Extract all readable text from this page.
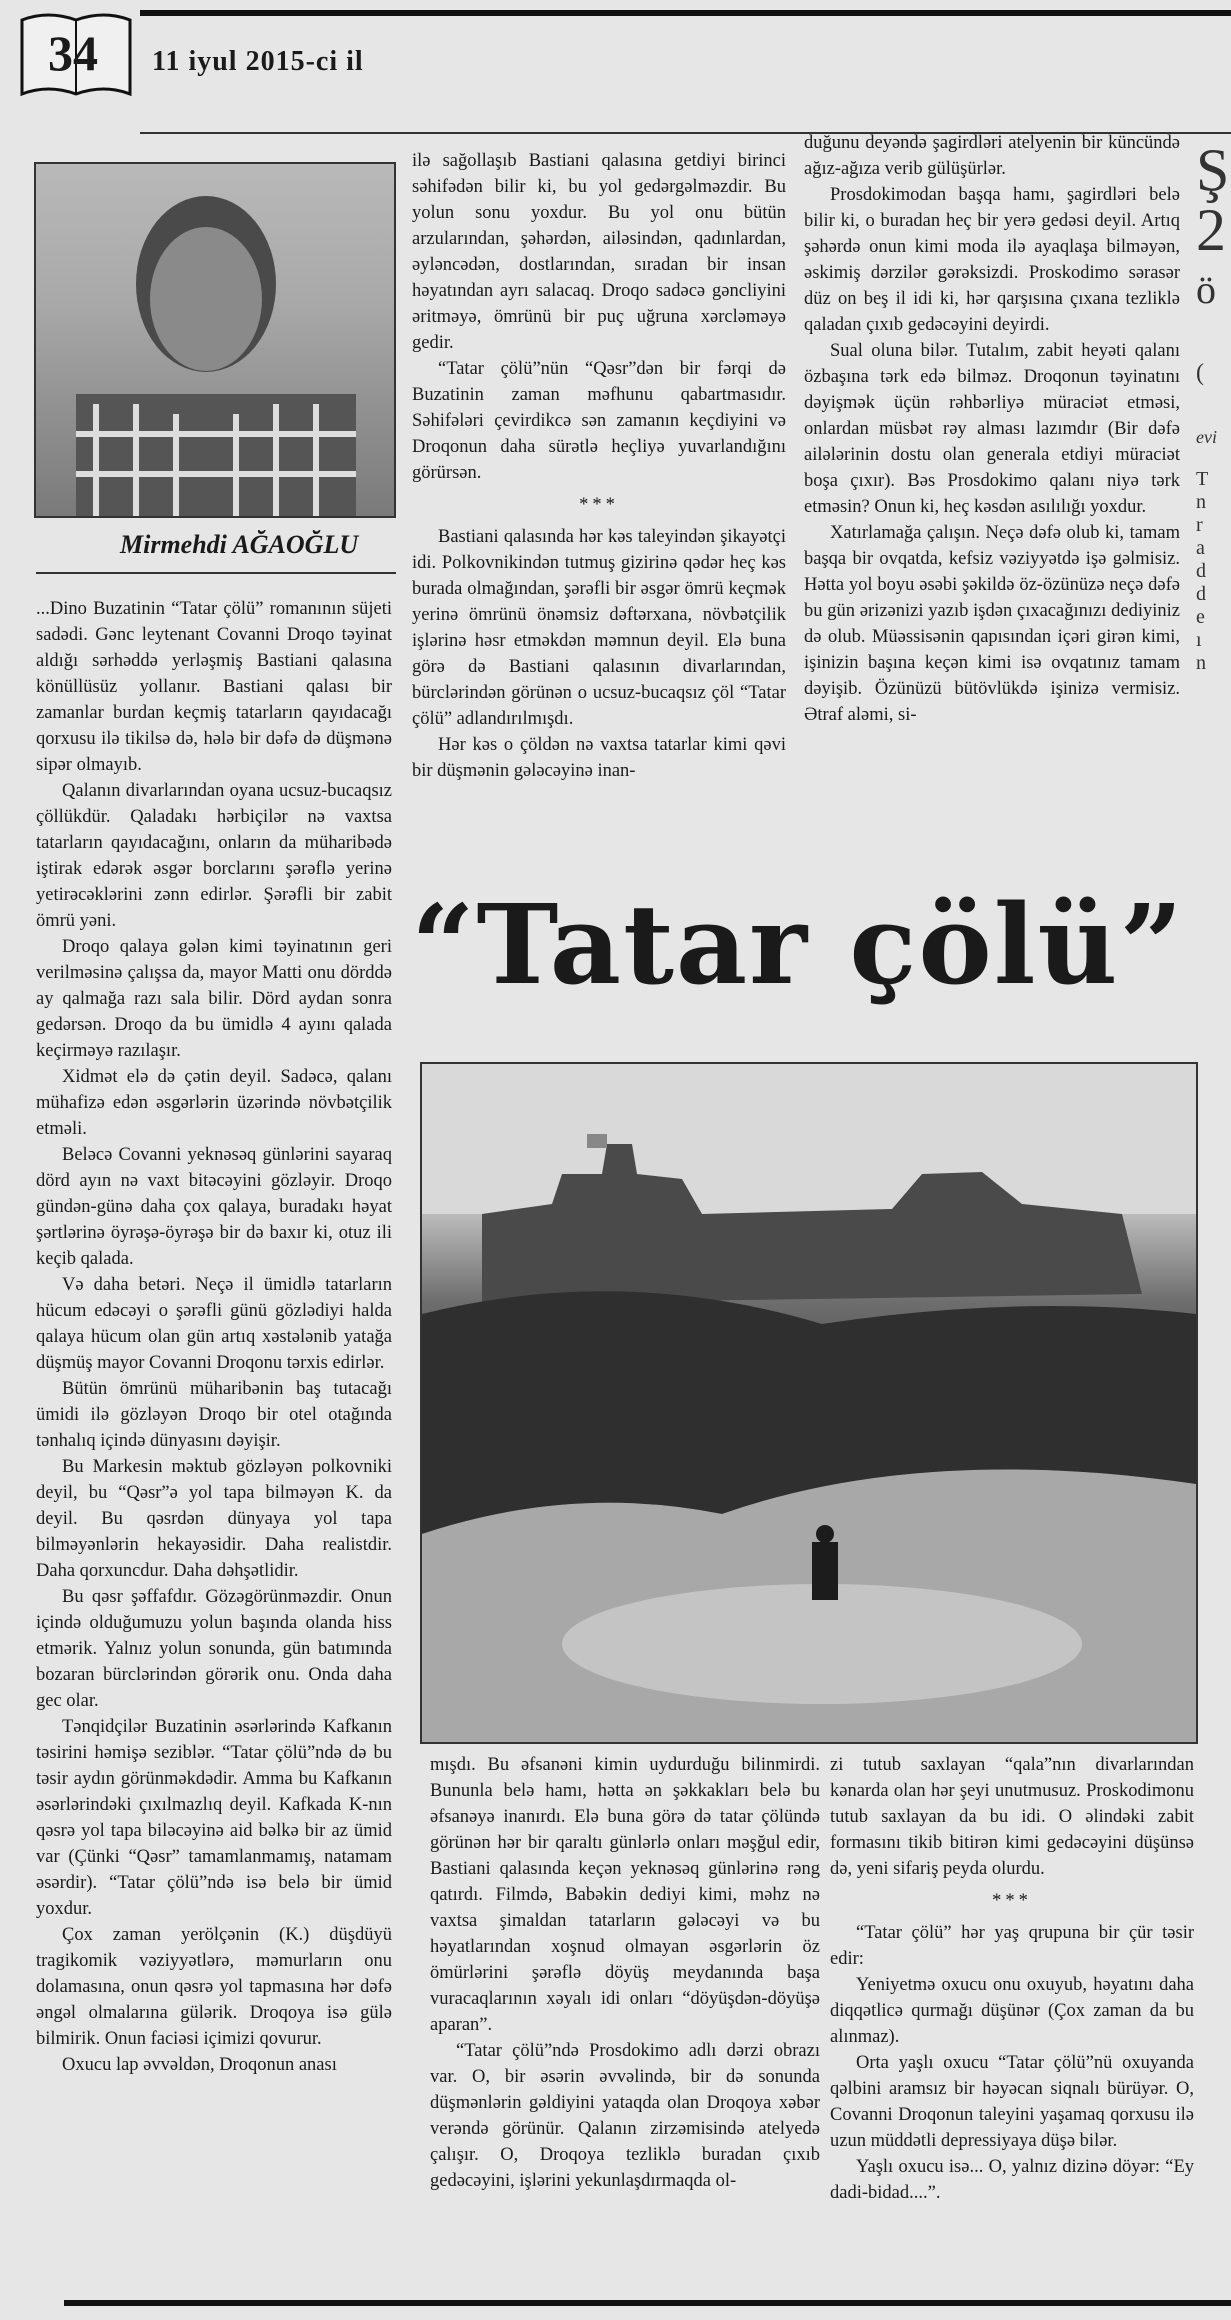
34 11 iyul 2015-ci il
Mirmehdi AĞAOĞLU

...Dino Buzatinin “Tatar çölü” romanının süjeti sadədi. Gənc leytenant Covanni Droqo təyinat aldığı sərhəddə yerləşmiş Bastiani qalasına könüllüsüz yollanır. Bastiani qalası bir zamanlar burdan keçmiş tatarların qayıdacağı qorxusu ilə tikilsə də, hələ bir dəfə də düşmənə sipər olmayıb.

Qalanın divarlarından oyana ucsuz-bucaqsız çöllükdür. Qaladakı hərbiçilər nə vaxtsa tatarların qayıdacağını, onların da müharibədə iştirak edərək əsgər borclarını şərəflə yerinə yetirəcəklərini zənn edirlər. Şərəfli bir zabit ömrü yəni.

Droqo qalaya gələn kimi təyinatının geri verilməsinə çalışsa da, mayor Matti onu dörddə ay qalmağa razı sala bilir. Dörd aydan sonra gedərsən. Droqo da bu ümidlə 4 ayını qalada keçirməyə razılaşır.

Xidmət elə də çətin deyil. Sadəcə, qalanı mühafizə edən əsgərlərin üzərində növbətçilik etməli.

Beləcə Covanni yeknəsəq günlərini sayaraq dörd ayın nə vaxt bitəcəyini gözləyir. Droqo gündən-günə daha çox qalaya, buradakı həyat şərtlərinə öyrəşə-öyrəşə bir də baxır ki, otuz ili keçib qalada.

Və daha betəri. Neçə il ümidlə tatarların hücum edəcəyi o şərəfli günü gözlədiyi halda qalaya hücum olan gün artıq xəstələnib yatağa düşmüş mayor Covanni Droqonu tərxis edirlər.

Bütün ömrünü müharibənin baş tutacağı ümidi ilə gözləyən Droqo bir otel otağında tənhalıq içində dünyasını dəyişir.

Bu Markesin məktub gözləyən polkovniki deyil, bu “Qəsr”ə yol tapa bilməyən K. da deyil. Bu qəsrdən dünyaya yol tapa bilməyənlərin hekayəsidir. Daha realistdir. Daha qorxuncdur. Daha dəhşətlidir.

Bu qəsr şəffafdır. Gözəgörünməzdir. Onun içində olduğumuzu yolun başında olanda hiss etmərik. Yalnız yolun sonunda, gün batımında bozaran bürclərindən görərik onu. Onda daha gec olar.

Tənqidçilər Buzatinin əsərlərində Kafkanın təsirini həmişə seziblər. “Tatar çölü”ndə də bu təsir aydın görünməkdədir. Amma bu Kafkanın əsərlərindəki çıxılmazlıq deyil. Kafkada K-nın qəsrə yol tapa biləcəyinə aid bəlkə bir az ümid var (Çünki “Qəsr” tamamlanmamış, natamam əsərdir). “Tatar çölü”ndə isə belə bir ümid yoxdur.

Çox zaman yerölçənin (K.) düşdüyü tragikomik vəziyyətlərə, məmurların onu dolamasına, onun qəsrə yol tapmasına hər dəfə əngəl olmalarına gülərik. Droqoya isə gülə bilmirik. Onun faciəsi içimizi qovurur.

Oxucu lap əvvəldən, Droqonun anası

ilə sağollaşıb Bastiani qalasına getdiyi birinci səhifədən bilir ki, bu yol gedərgəlməzdir. Bu yolun sonu yoxdur. Bu yol onu bütün arzularından, şəhərdən, ailəsindən, qadınlardan, əyləncədən, dostlarından, sıradan bir insan həyatından ayrı salacaq. Droqo sadəcə gəncliyini əritməyə, ömrünü bir puç uğruna xərcləməyə gedir.

“Tatar çölü”nün “Qəsr”dən bir fərqi də Buzatinin zaman məfhunu qabartmasıdır. Səhifələri çevirdikcə sən zamanın keçdiyini və Droqonun daha sürətlə heçliyə yuvarlandığını görürsən.

***

Bastiani qalasında hər kəs taleyindən şikayətçi idi. Polkovnikindən tutmuş gizirinə qədər heç kəs burada olmağından, şərəfli bir əsgər ömrü keçmək yerinə ömrünü önəmsiz dəftərxana, növbətçilik işlərinə həsr etməkdən məmnun deyil. Elə buna görə də Bastiani qalasının divarlarından, bürclərindən görünən o ucsuz-bucaqsız çöl “Tatar çölü” adlandırılmışdı.

Hər kəs o çöldən nə vaxtsa tatarlar kimi qəvi bir düşmənin gələcəyinə inan-

duğunu deyəndə şagirdləri atelyenin bir küncündə ağız-ağıza verib gülüşürlər.

Prosdokimodan başqa hamı, şagirdləri belə bilir ki, o buradan heç bir yerə gedəsi deyil. Artıq şəhərdə onun kimi moda ilə ayaqlaşa bilməyən, əskimiş dərzilər gərəksizdi. Proskodimo sərasər düz on beş il idi ki, hər qarşısına çıxana tezliklə qaladan çıxıb gedəcəyini deyirdi.

Sual oluna bilər. Tutalım, zabit heyəti qalanı özbaşına tərk edə bilməz. Droqonun təyinatını dəyişmək üçün rəhbərliyə müraciət etməsi, onlardan müsbət rəy alması lazımdır (Bir dəfə ailələrinin dostu olan generala etdiyi müraciət boşa çıxır). Bəs Prosdokimo qalanı niyə tərk etməsin? Onun ki, heç kəsdən asılılığı yoxdur.

Xatırlamağa çalışın. Neçə dəfə olub ki, tamam başqa bir ovqatda, kefsiz vəziyyətdə işə gəlmisiz. Hətta yol boyu əsəbi şəkildə öz-özünüzə neçə dəfə bu gün ərizənizi yazıb işdən çıxacağınızı dediyiniz də olub. Müəssisənin qapısından içəri girən kimi, işinizin başına keçən kimi isə ovqatınız tamam dəyişib. Özünüzü bütövlükdə işinizə vermisiz. Ətraf aləmi, si-

“Tatar çölü”

mışdı. Bu əfsanəni kimin uydurduğu bilinmirdi. Bununla belə hamı, hətta ən şəkkakları belə bu əfsanəyə inanırdı. Elə buna görə də tatar çölündə görünən hər bir qaraltı günlərlə onları məşğul edir, Bastiani qalasında keçən yeknəsəq günlərinə rəng qatırdı. Filmdə, Babəkin dediyi kimi, məhz nə vaxtsa şimaldan tatarların gələcəyi və bu həyatlarından xoşnud olmayan əsgərlərin öz ömürlərini şərəflə döyüş meydanında başa vuracaqlarının xəyalı idi onları “döyüşdən-döyüşə aparan”.

“Tatar çölü”ndə Prosdokimo adlı dərzi obrazı var. O, bir əsərin əvvəlində, bir də sonunda düşmənlərin gəldiyini yataqda olan Droqoya xəbər verəndə görünür. Qalanın zirzəmisində atelyedə çalışır. O, Droqoya tezliklə buradan çıxıb gedəcəyini, işlərini yekunlaşdırmaqda ol-

zi tutub saxlayan “qala”nın divarlarından kənarda olan hər şeyi unutmusuz. Proskodimonu tutub saxlayan da bu idi. O əlindəki zabit formasını tikib bitirən kimi gedəcəyini düşünsə də, yeni sifariş peyda olurdu.

***

“Tatar çölü” hər yaş qrupuna bir çür təsir edir:

Yeniyetmə oxucu onu oxuyub, həyatını daha diqqətlicə qurmağı düşünər (Çox zaman da bu alınmaz).

Orta yaşlı oxucu “Tatar çölü”nü oxuyanda qəlbini aramsız bir həyəcan siqnalı bürüyər. O, Covanni Droqonun taleyini yaşamaq qorxusu ilə uzun müddətli depressiyaya düşə bilər.

Yaşlı oxucu isə... O, yalnız dizinə döyər: “Ey dadi-bidad....”.

Ş
2
ö
(
evi
T
n
r
a
d
d
e
ı
n
